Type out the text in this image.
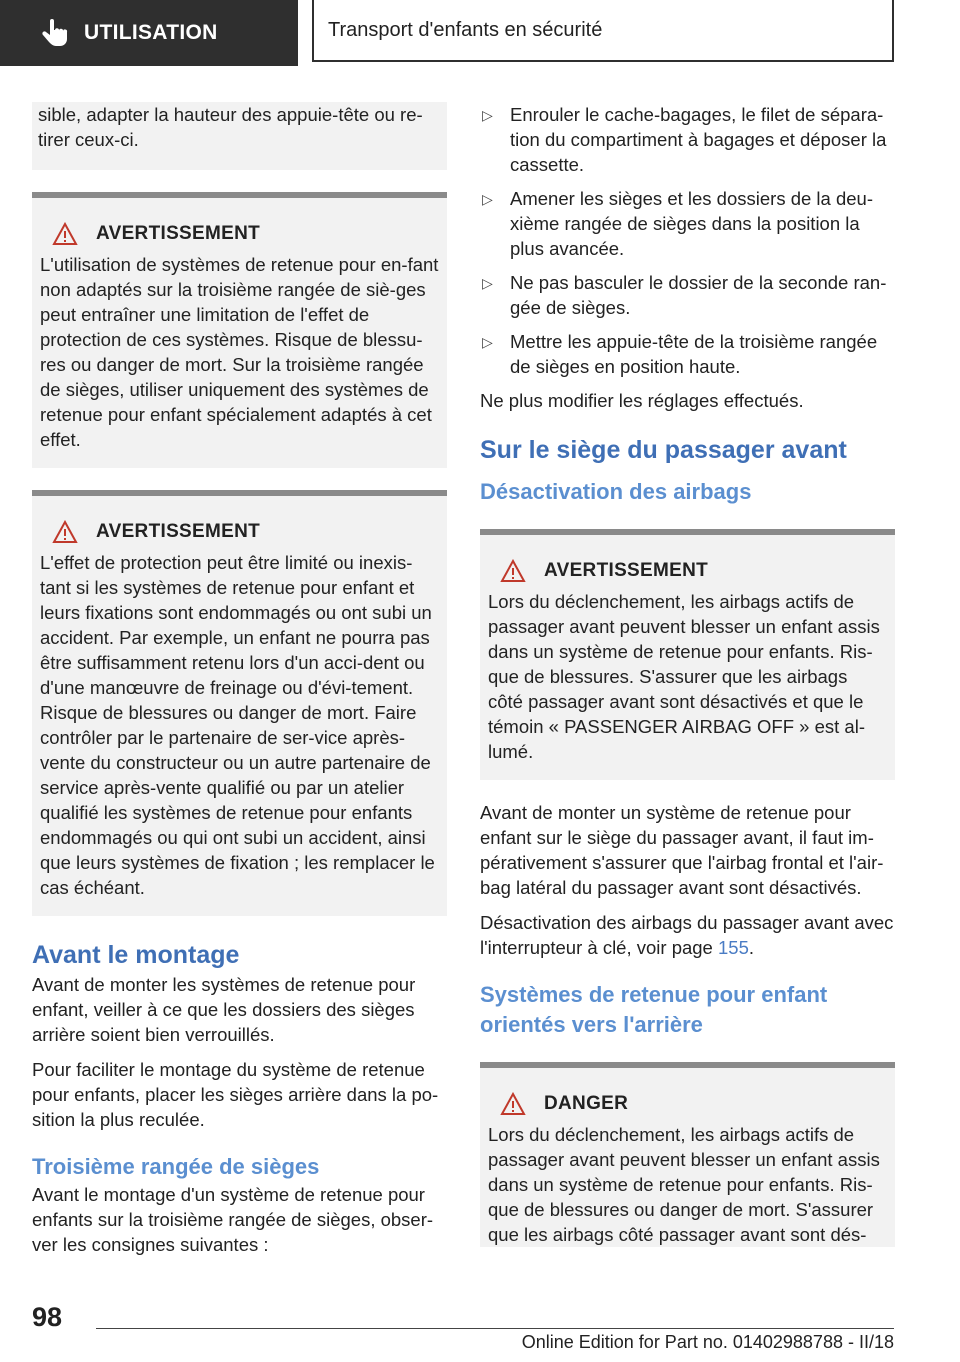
UTILISATION	Transport d'enfants en sécurité

sible, adapter la hauteur des appuie-tête ou re-tirer ceux-ci.

AVERTISSEMENT

L'utilisation de systèmes de retenue pour en-fant non adaptés sur la troisième rangée de siè-ges peut entraîner une limitation de l'effet de protection de ces systèmes. Risque de blessu-res ou danger de mort. Sur la troisième rangée de sièges, utiliser uniquement des systèmes de retenue pour enfant spécialement adaptés à cet effet.

AVERTISSEMENT

L'effet de protection peut être limité ou inexis-tant si les systèmes de retenue pour enfant et leurs fixations sont endommagés ou ont subi un accident. Par exemple, un enfant ne pourra pas être suffisamment retenu lors d'un acci-dent ou d'une manœuvre de freinage ou d'évi-tement. Risque de blessures ou danger de mort. Faire contrôler par le partenaire de ser-vice après-vente du constructeur ou un autre partenaire de service après-vente qualifié ou par un atelier qualifié les systèmes de retenue pour enfants endommagés ou qui ont subi un accident, ainsi que leurs systèmes de fixation ; les remplacer le cas échéant.

Avant le montage

Avant de monter les systèmes de retenue pour enfant, veiller à ce que les dossiers des sièges arrière soient bien verrouillés.

Pour faciliter le montage du système de retenue pour enfants, placer les sièges arrière dans la po-sition la plus reculée.

Troisième rangée de sièges

Avant le montage d'un système de retenue pour enfants sur la troisième rangée de sièges, obser-ver les consignes suivantes :

▷ Enrouler le cache-bagages, le filet de sépara-tion du compartiment à bagages et déposer la cassette.
▷ Amener les sièges et les dossiers de la deu-xième rangée de sièges dans la position la plus avancée.
▷ Ne pas basculer le dossier de la seconde ran-gée de sièges.
▷ Mettre les appuie-tête de la troisième rangée de sièges en position haute.

Ne plus modifier les réglages effectués.

Sur le siège du passager avant
Désactivation des airbags
AVERTISSEMENT

Lors du déclenchement, les airbags actifs de passager avant peuvent blesser un enfant assis dans un système de retenue pour enfants. Ris-que de blessures. S'assurer que les airbags côté passager avant sont désactivés et que le témoin « PASSENGER AIRBAG OFF » est al-lumé.

Avant de monter un système de retenue pour enfant sur le siège du passager avant, il faut im-pérativement s'assurer que l'airbag frontal et l'air-bag latéral du passager avant sont désactivés.

Désactivation des airbags du passager avant avec l'interrupteur à clé, voir page 155.

Systèmes de retenue pour enfant orientés vers l'arrière
DANGER

Lors du déclenchement, les airbags actifs de passager avant peuvent blesser un enfant assis dans un système de retenue pour enfants. Ris-que de blessures ou danger de mort. S'assurer que les airbags côté passager avant sont dés-

98
Online Edition for Part no. 01402988788 - II/18
